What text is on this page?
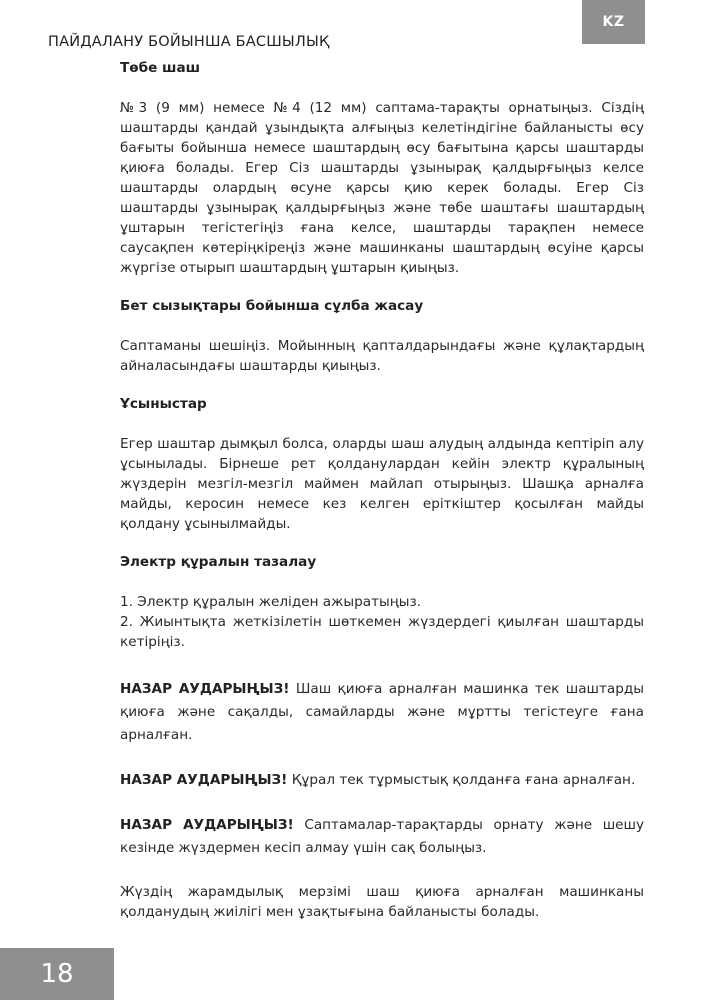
KZ
ПАЙДАЛАНУ БОЙЫНША БАСШЫЛЫҚ
Төбе шаш

№3 (9 мм) немесе №4 (12 мм) саптама-тарақты орнатыңыз. Сіздің шаштарды қандай ұзындықта алғыңыз келетіндігіне байланысты өсу бағыты бойынша немесе шаштардың өсу бағытына қарсы шаштарды қиюға болады. Егер Сіз шаштарды ұзынырақ қалдырғыңыз келсе шаштарды олардың өсуне қарсы қию керек болады. Егер Сіз шаштарды ұзынырақ қалдырғыңыз және төбе шаштағы шаштардың ұштарын тегістегіңіз ғана келсе, шаштарды тарақпен немесе саусақпен көтеріңкіреңіз және машинканы шаштардың өсуіне қарсы жүргізе отырып шаштардың ұштарын қиыңыз.

Бет сызықтары бойынша сұлба жасау

Саптаманы шешіңіз. Мойынның қапталдарындағы және құлақтардың айналасындағы шаштарды қиыңыз.

Ұсыныстар

Егер шаштар дымқыл болса, оларды шаш алудың алдында кептіріп алу ұсынылады. Бірнеше рет қолданулардан кейін электр құралының жүздерін мезгіл-мезгіл маймен майлап отырыңыз. Шашқа арналға майды, керосин немесе кез келген еріткіштер қосылған майды қолдану ұсынылмайды.

Электр құралын тазалау

1. Электр құралын желіден ажыратыңыз.

2. Жиынтықта жеткізілетін шөткемен жүздердегі қиылған шаштарды кетіріңіз.

НАЗАР АУДАРЫҢЫЗ! Шаш қиюға арналған машинка тек шаштарды қиюға және сақалды, самайларды және мұртты тегістеуге ғана арналған.

НАЗАР АУДАРЫҢЫЗ! Құрал тек тұрмыстық қолданға ғана арналған.

НАЗАР АУДАРЫҢЫЗ! Саптамалар-тарақтарды орнату және шешу кезінде жүздермен кесіп алмау үшін сақ болыңыз.

Жүздің жарамдылық мерзімі шаш қиюға арналған машинканы қолданудың жиілігі мен ұзақтығына байланысты болады.

18
